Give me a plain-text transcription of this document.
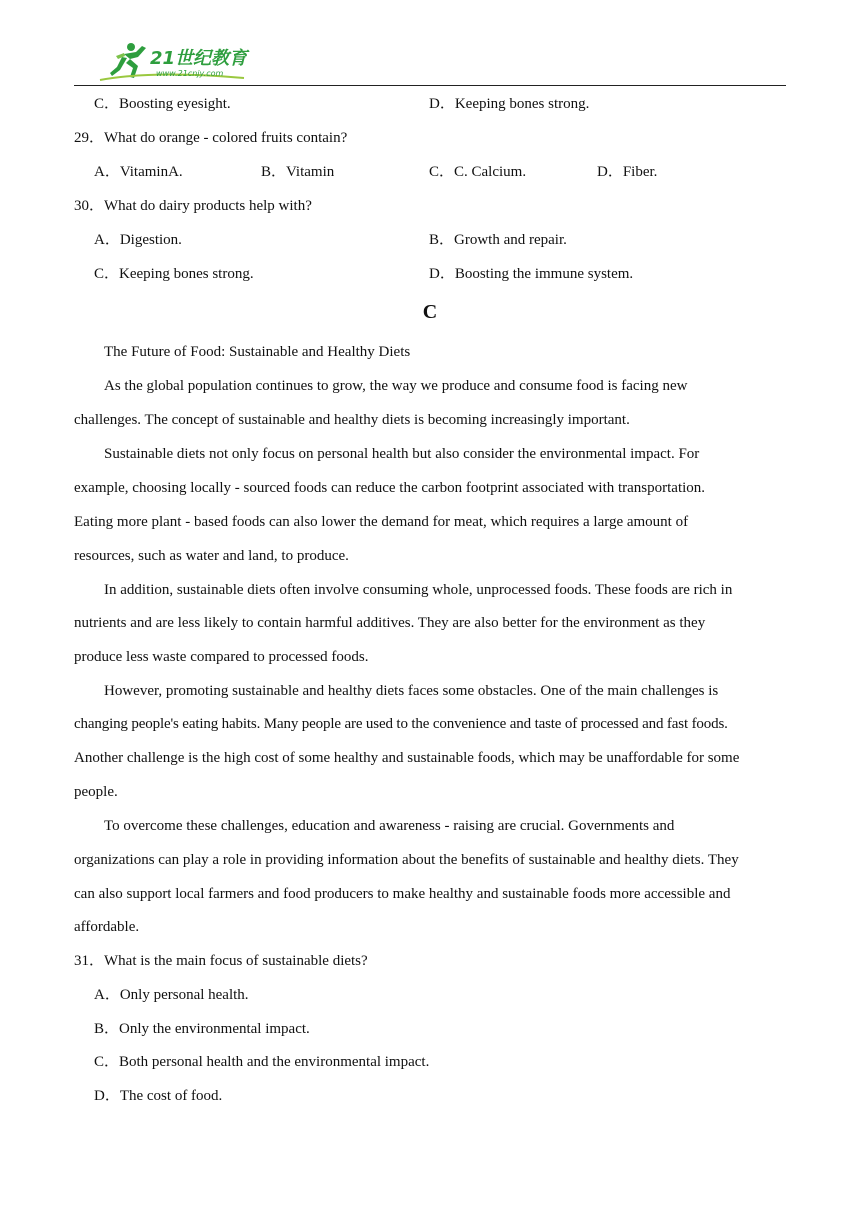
21世纪教育
www.21cnjy.com
C．Boosting eyesight.	D．Keeping bones strong.
29．What do orange - colored fruits contain?
A．VitaminA.	B．Vitamin	C．C. Calcium.	D．Fiber.
30．What do dairy products help with?
A．Digestion.	B．Growth and repair.
C．Keeping bones strong.	D．Boosting the immune system.
C
The Future of Food: Sustainable and Healthy Diets
As the global population continues to grow, the way we produce and consume food is facing new
challenges. The concept of sustainable and healthy diets is becoming increasingly important.
Sustainable diets not only focus on personal health but also consider the environmental impact. For
example, choosing locally - sourced foods can reduce the carbon footprint associated with transportation.
Eating more plant - based foods can also lower the demand for meat, which requires a large amount of
resources, such as water and land, to produce.
In addition, sustainable diets often involve consuming whole, unprocessed foods. These foods are rich in
nutrients and are less likely to contain harmful additives. They are also better for the environment as they
produce less waste compared to processed foods.
However, promoting sustainable and healthy diets faces some obstacles. One of the main challenges is
changing people's eating habits. Many people are used to the convenience and taste of processed and fast foods.
Another challenge is the high cost of some healthy and sustainable foods, which may be unaffordable for some
people.
To overcome these challenges, education and awareness - raising are crucial. Governments and
organizations can play a role in providing information about the benefits of sustainable and healthy diets. They
can also support local farmers and food producers to make healthy and sustainable foods more accessible and
affordable.
31．What is the main focus of sustainable diets?
A．Only personal health.
B．Only the environmental impact.
C．Both personal health and the environmental impact.
D．The cost of food.
